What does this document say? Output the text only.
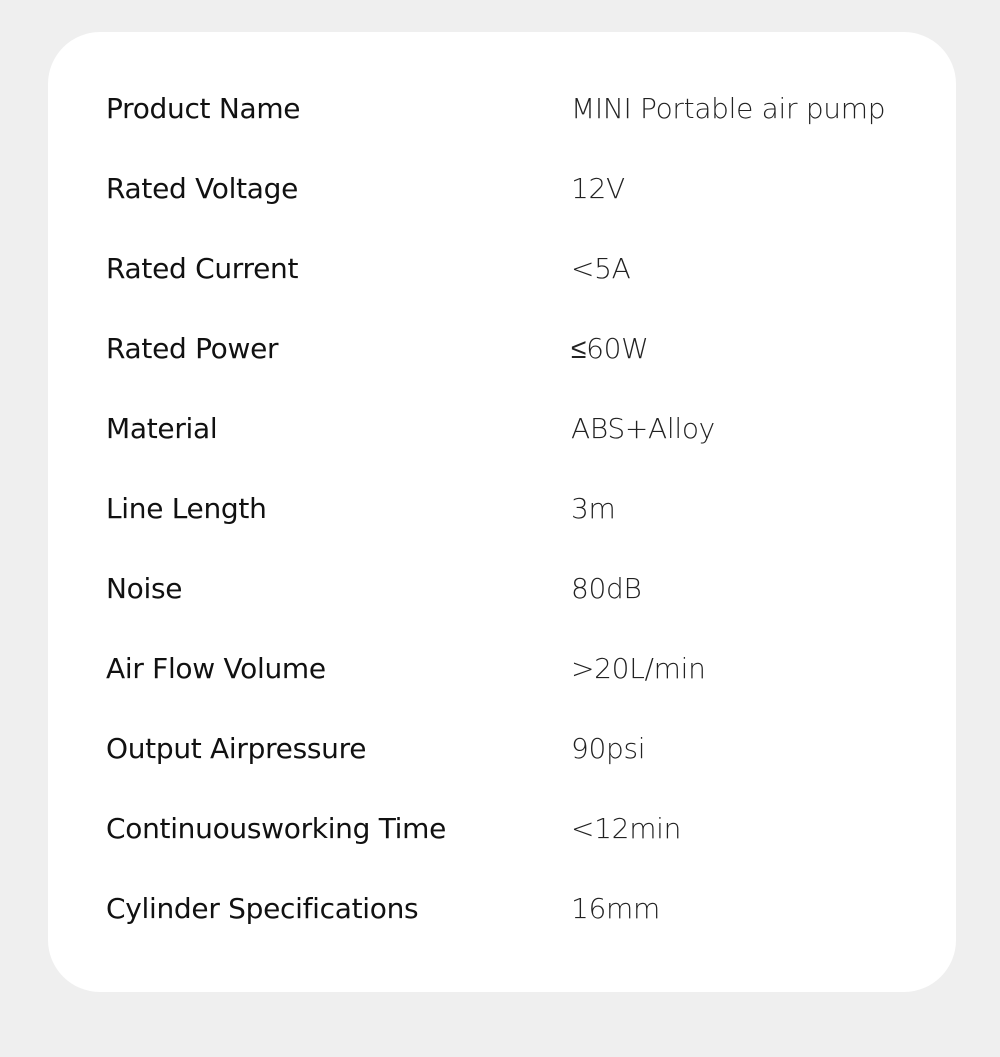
Product Name	MINI Portable air pump
Rated Voltage	12V
Rated Current	<5A
Rated Power	≤60W
Material	ABS+Alloy
Line Length	3m
Noise	80dB
Air Flow Volume	>20L/min
Output Airpressure	90psi
Continuousworking Time	<12min
Cylinder Specifications	16mm
